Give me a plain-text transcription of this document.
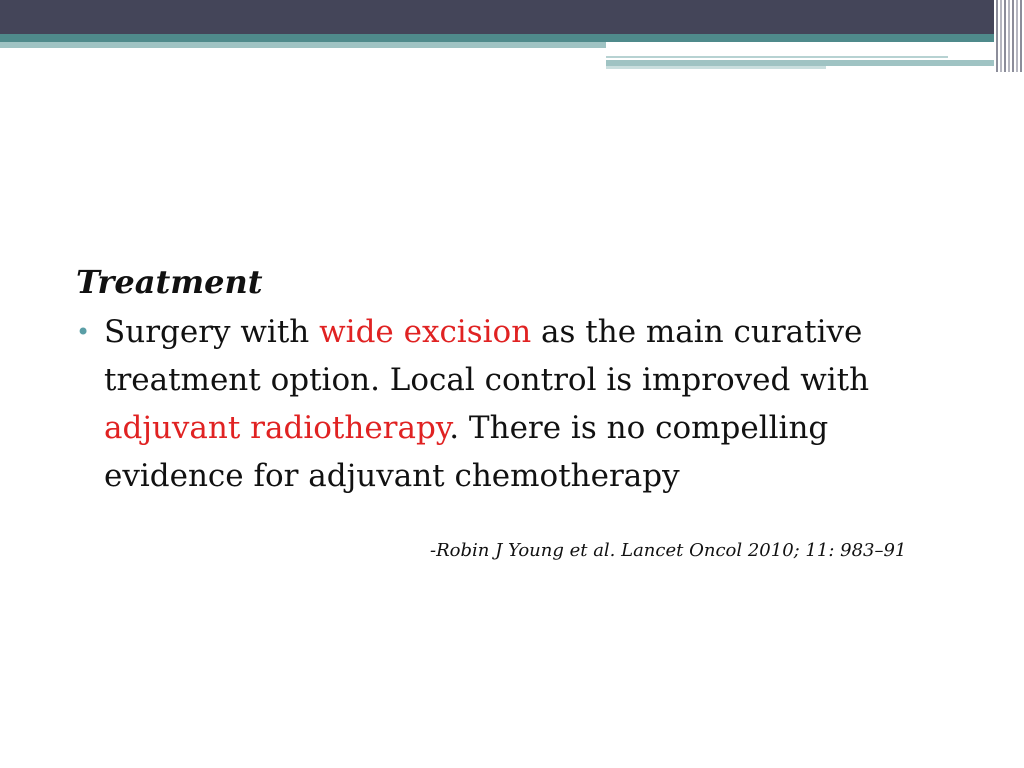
Treatment
• Surgery with wide excision as the main curative treatment option. Local control is improved with adjuvant radiotherapy. There is no compelling evidence for adjuvant chemotherapy
-Robin J Young et al. Lancet Oncol 2010; 11: 983–91
